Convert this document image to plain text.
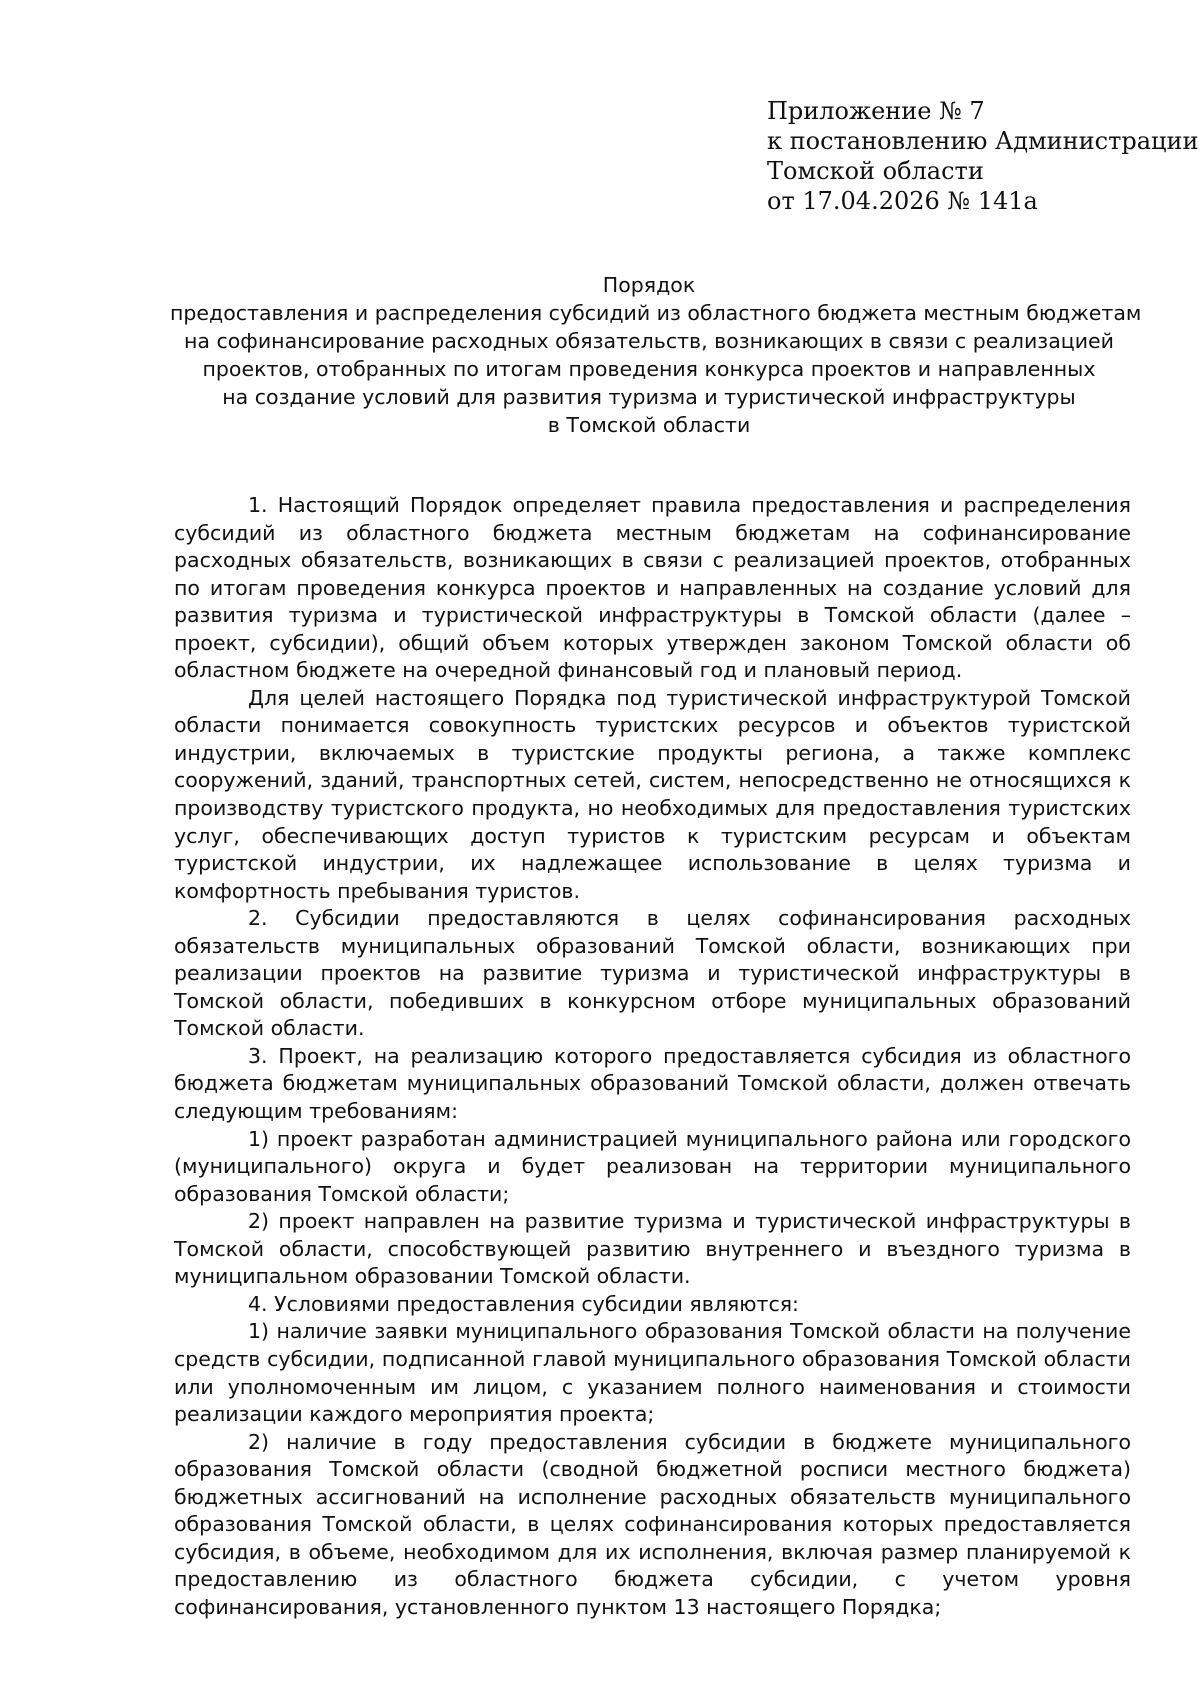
Приложение № 7
к постановлению Администрации
Томской области
от 17.04.2026 № 141а
Порядок
предоставления и распределения субсидий из областного бюджета местным бюджетам
на софинансирование расходных обязательств, возникающих в связи с реализацией
проектов, отобранных по итогам проведения конкурса проектов и направленных
на создание условий для развития туризма и туристической инфраструктуры
в Томской области

1. Настоящий Порядок определяет правила предоставления и распределения субсидий из областного бюджета местным бюджетам на софинансирование расходных обязательств, возникающих в связи с реализацией проектов, отобранных по итогам проведения конкурса проектов и направленных на создание условий для развития туризма и туристической инфраструктуры в Томской области (далее – проект, субсидии), общий объем которых утвержден законом Томской области об областном бюджете на очередной финансовый год и плановый период.

Для целей настоящего Порядка под туристической инфраструктурой Томской области понимается совокупность туристских ресурсов и объектов туристской индустрии, включаемых в туристские продукты региона, а также комплекс сооружений, зданий, транспортных сетей, систем, непосредственно не относящихся к производству туристского продукта, но необходимых для предоставления туристских услуг, обеспечивающих доступ туристов к туристским ресурсам и объектам туристской индустрии, их надлежащее использование в целях туризма и комфортность пребывания туристов.

2. Субсидии предоставляются в целях софинансирования расходных обязательств муниципальных образований Томской области, возникающих при реализации проектов на развитие туризма и туристической инфраструктуры в Томской области, победивших в конкурсном отборе муниципальных образований Томской области.

3. Проект, на реализацию которого предоставляется субсидия из областного бюджета бюджетам муниципальных образований Томской области, должен отвечать следующим требованиям:

1) проект разработан администрацией муниципального района или городского (муниципального) округа и будет реализован на территории муниципального образования Томской области;

2) проект направлен на развитие туризма и туристической инфраструктуры в Томской области, способствующей развитию внутреннего и въездного туризма в муниципальном образовании Томской области.

4. Условиями предоставления субсидии являются:

1) наличие заявки муниципального образования Томской области на получение средств субсидии, подписанной главой муниципального образования Томской области или уполномоченным им лицом, с указанием полного наименования и стоимости реализации каждого мероприятия проекта;

2) наличие в году предоставления субсидии в бюджете муниципального образования Томской области (сводной бюджетной росписи местного бюджета) бюджетных ассигнований на исполнение расходных обязательств муниципального образования Томской области, в целях софинансирования которых предоставляется субсидия, в объеме, необходимом для их исполнения, включая размер планируемой к предоставлению из областного бюджета субсидии, с учетом уровня софинансирования, установленного пунктом 13 настоящего Порядка;
